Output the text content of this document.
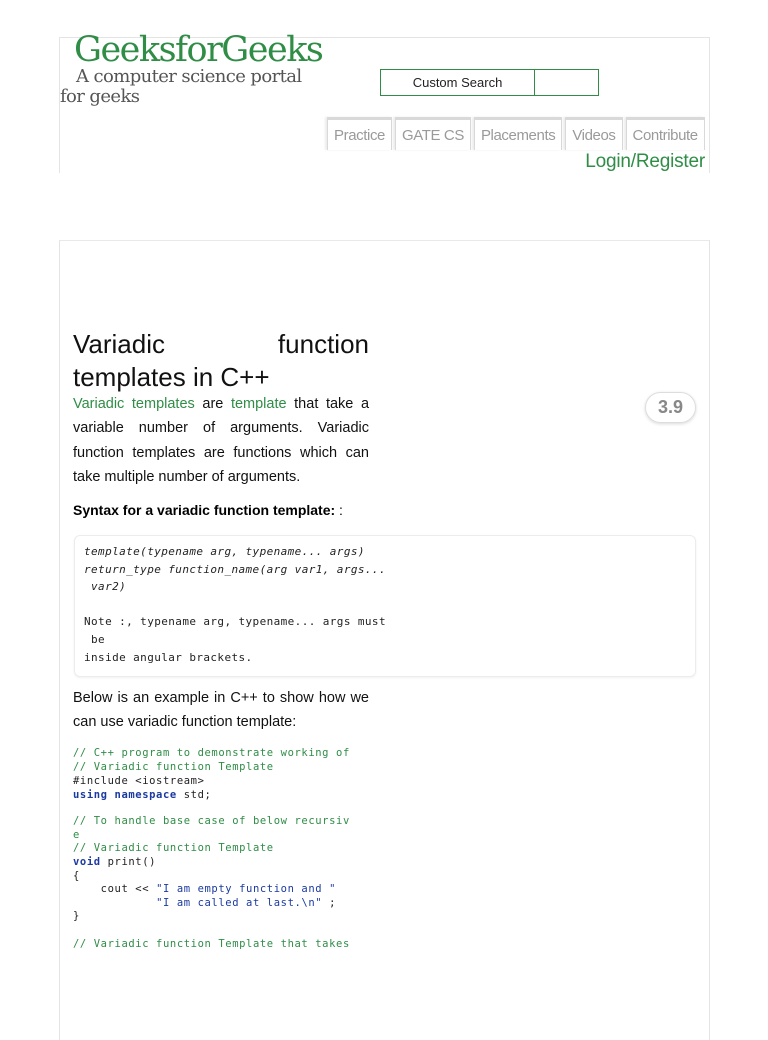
GeeksforGeeks
A computer science portal for geeks
Custom Search
Practice	GATE CS	Placements	Videos	Contribute
Login/Register
Variadic function
templates in C++
3.9
Variadic templates are template that take a variable number of arguments. Variadic function templates are functions which can take multiple number of arguments.
Syntax for a variadic function template: :
template(typename arg, typename... args)
return_type function_name(arg var1, args...
var2)
Note :, typename arg, typename... args must
be
inside angular brackets.
Below is an example in C++ to show how we can use variadic function template:
// C++ program to demonstrate working of
// Variadic function Template
#include <iostream>
using namespace std;
// To handle base case of below recursiv
e
// Variadic function Template
void print()
{
cout << "I am empty function and "
"I am called at last.\n" ;
}
// Variadic function Template that takes
